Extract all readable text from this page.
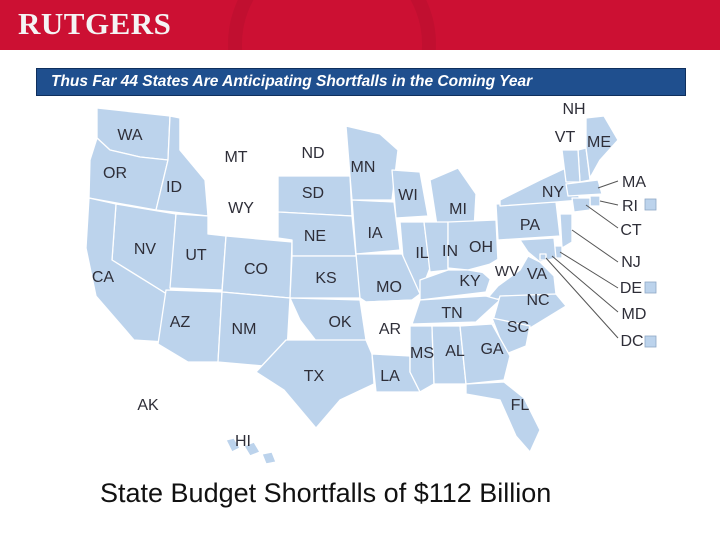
RUTGERS
Thus Far 44 States Are Anticipating Shortfalls in the Coming Year
WA
OR
ID
MT	ND
WY
SD
MN
WI
MI
NV UT
CO
NE	IA
IL IN OH
PA
NY
CA	KS
MO	KY
WV VA
AZ	NM	OK AR
TN
NC
SC
TX	LA
MS AL GA
FL
AK
HI
NH
VT ME
MA
RI
CT
NJ
DE
MD
DC
State Budget Shortfalls of $112 Billion
